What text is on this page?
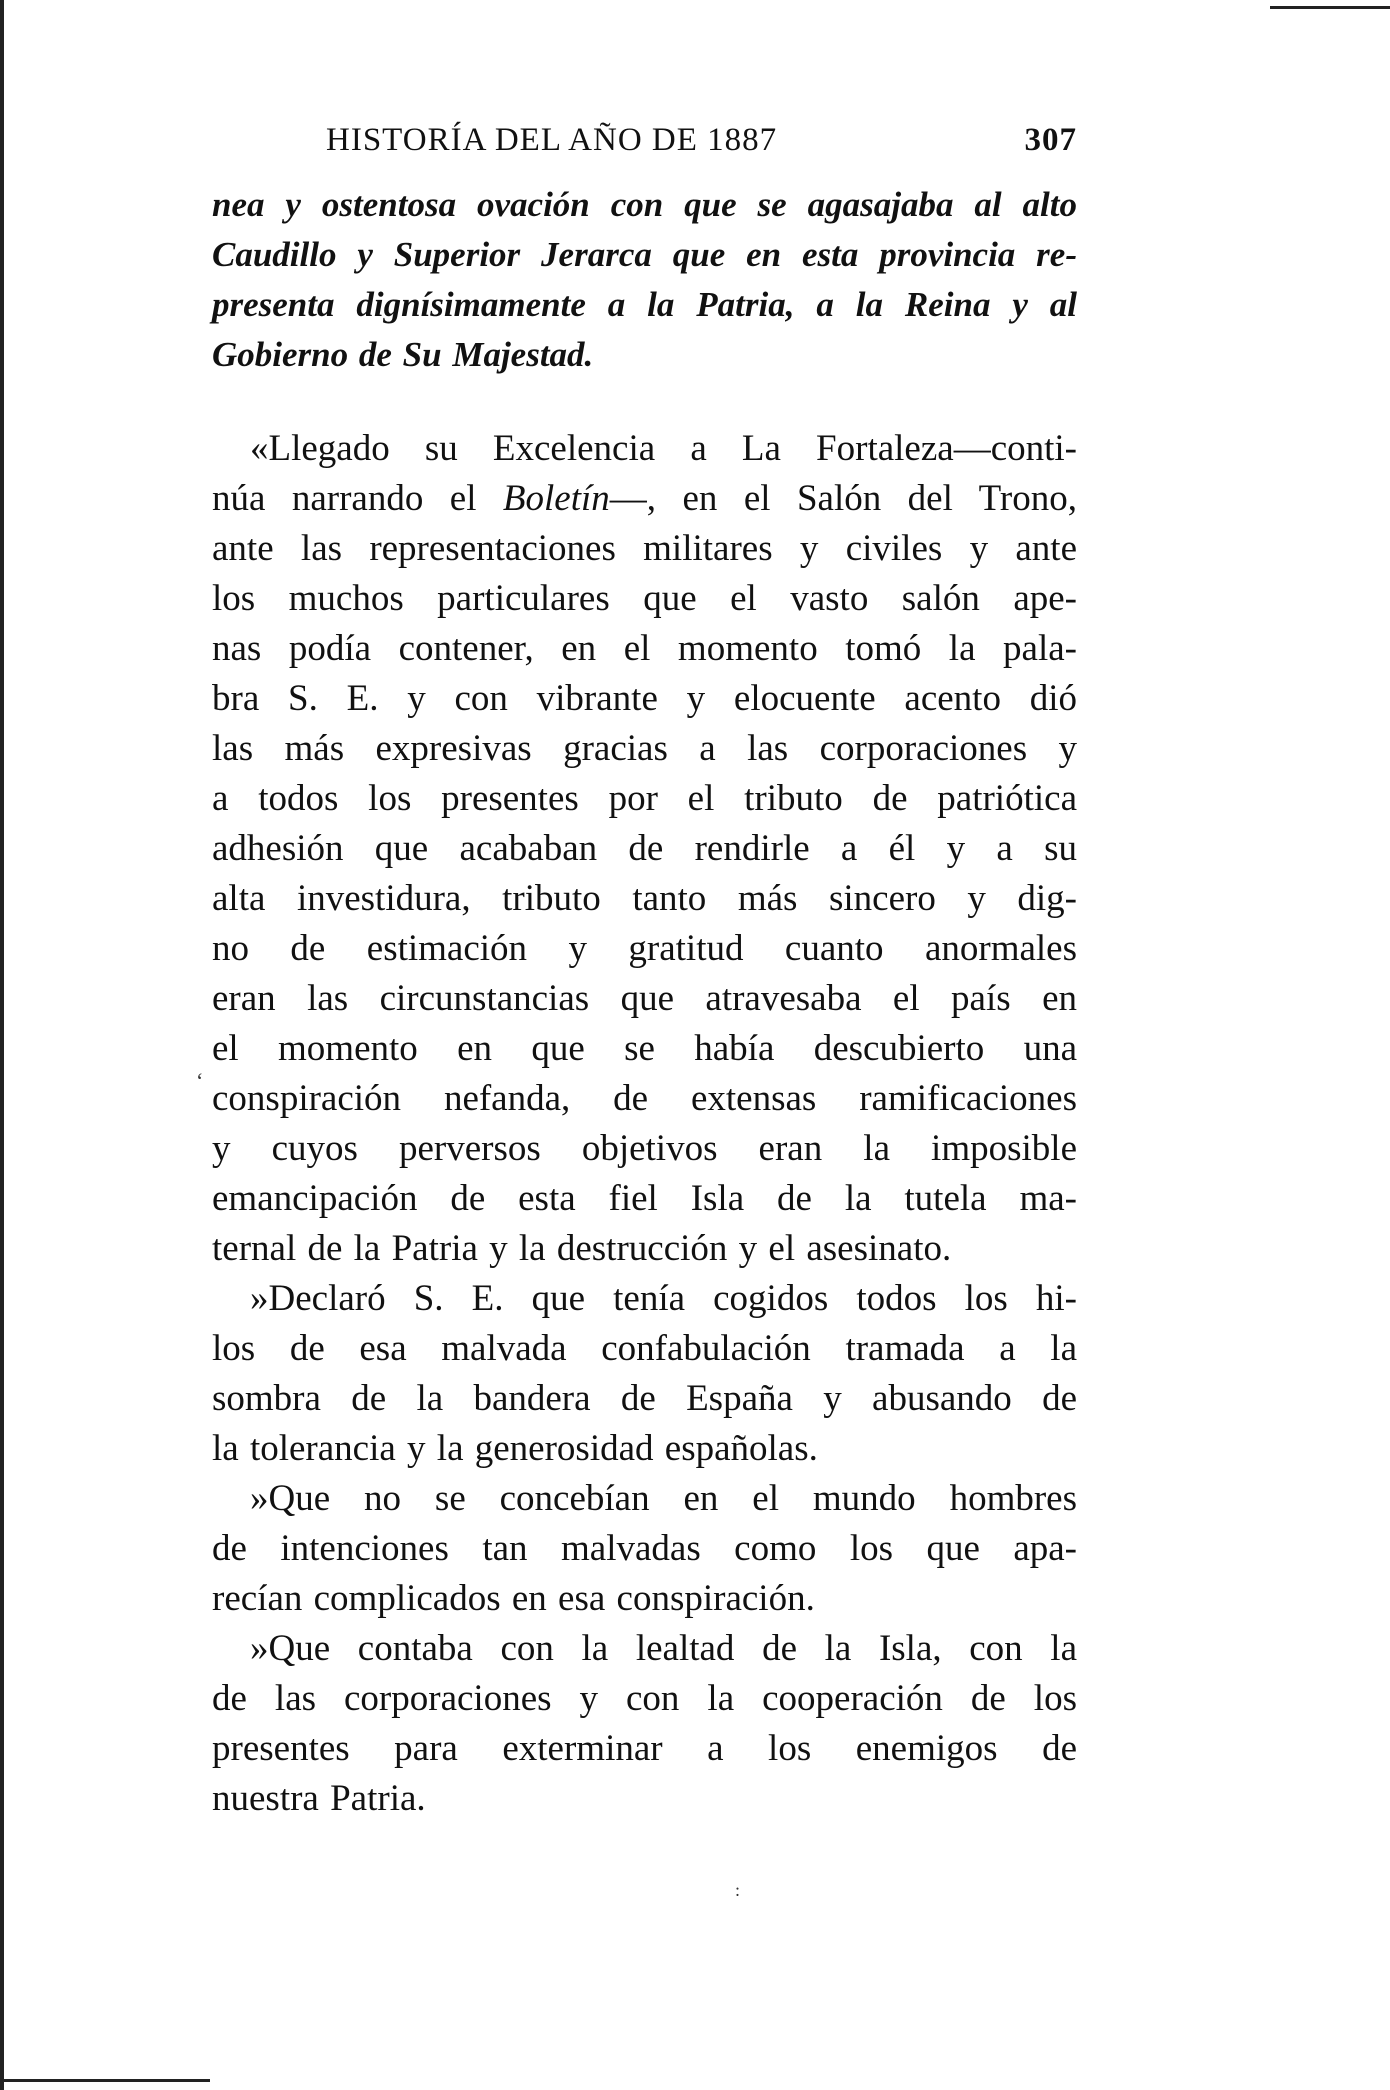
HISTORÍA DEL AÑO DE 1887	307
nea y ostentosa ovación con que se agasajaba al alto
Caudillo y Superior Jerarca que en esta provincia re-
presenta dignísimamente a la Patria, a la Reina y al
Gobierno de Su Majestad.
«Llegado su Excelencia a La Fortaleza—conti-
núa narrando el Boletín—, en el Salón del Trono,
ante las representaciones militares y civiles y ante
los muchos particulares que el vasto salón ape-
nas podía contener, en el momento tomó la pala-
bra S. E. y con vibrante y elocuente acento dió
las más expresivas gracias a las corporaciones y
a todos los presentes por el tributo de patriótica
adhesión que acababan de rendirle a él y a su
alta investidura, tributo tanto más sincero y dig-
no de estimación y gratitud cuanto anormales
eran las circunstancias que atravesaba el país en
el momento en que se había descubierto una
conspiración nefanda, de extensas ramificaciones
y cuyos perversos objetivos eran la imposible
emancipación de esta fiel Isla de la tutela ma-
ternal de la Patria y la destrucción y el asesinato.
»Declaró S. E. que tenía cogidos todos los hi-
los de esa malvada confabulación tramada a la
sombra de la bandera de España y abusando de
la tolerancia y la generosidad españolas.
»Que no se concebían en el mundo hombres
de intenciones tan malvadas como los que apa-
recían complicados en esa conspiración.
»Que contaba con la lealtad de la Isla, con la
de las corporaciones y con la cooperación de los
presentes para exterminar a los enemigos de
nuestra Patria.
ʻ
:
